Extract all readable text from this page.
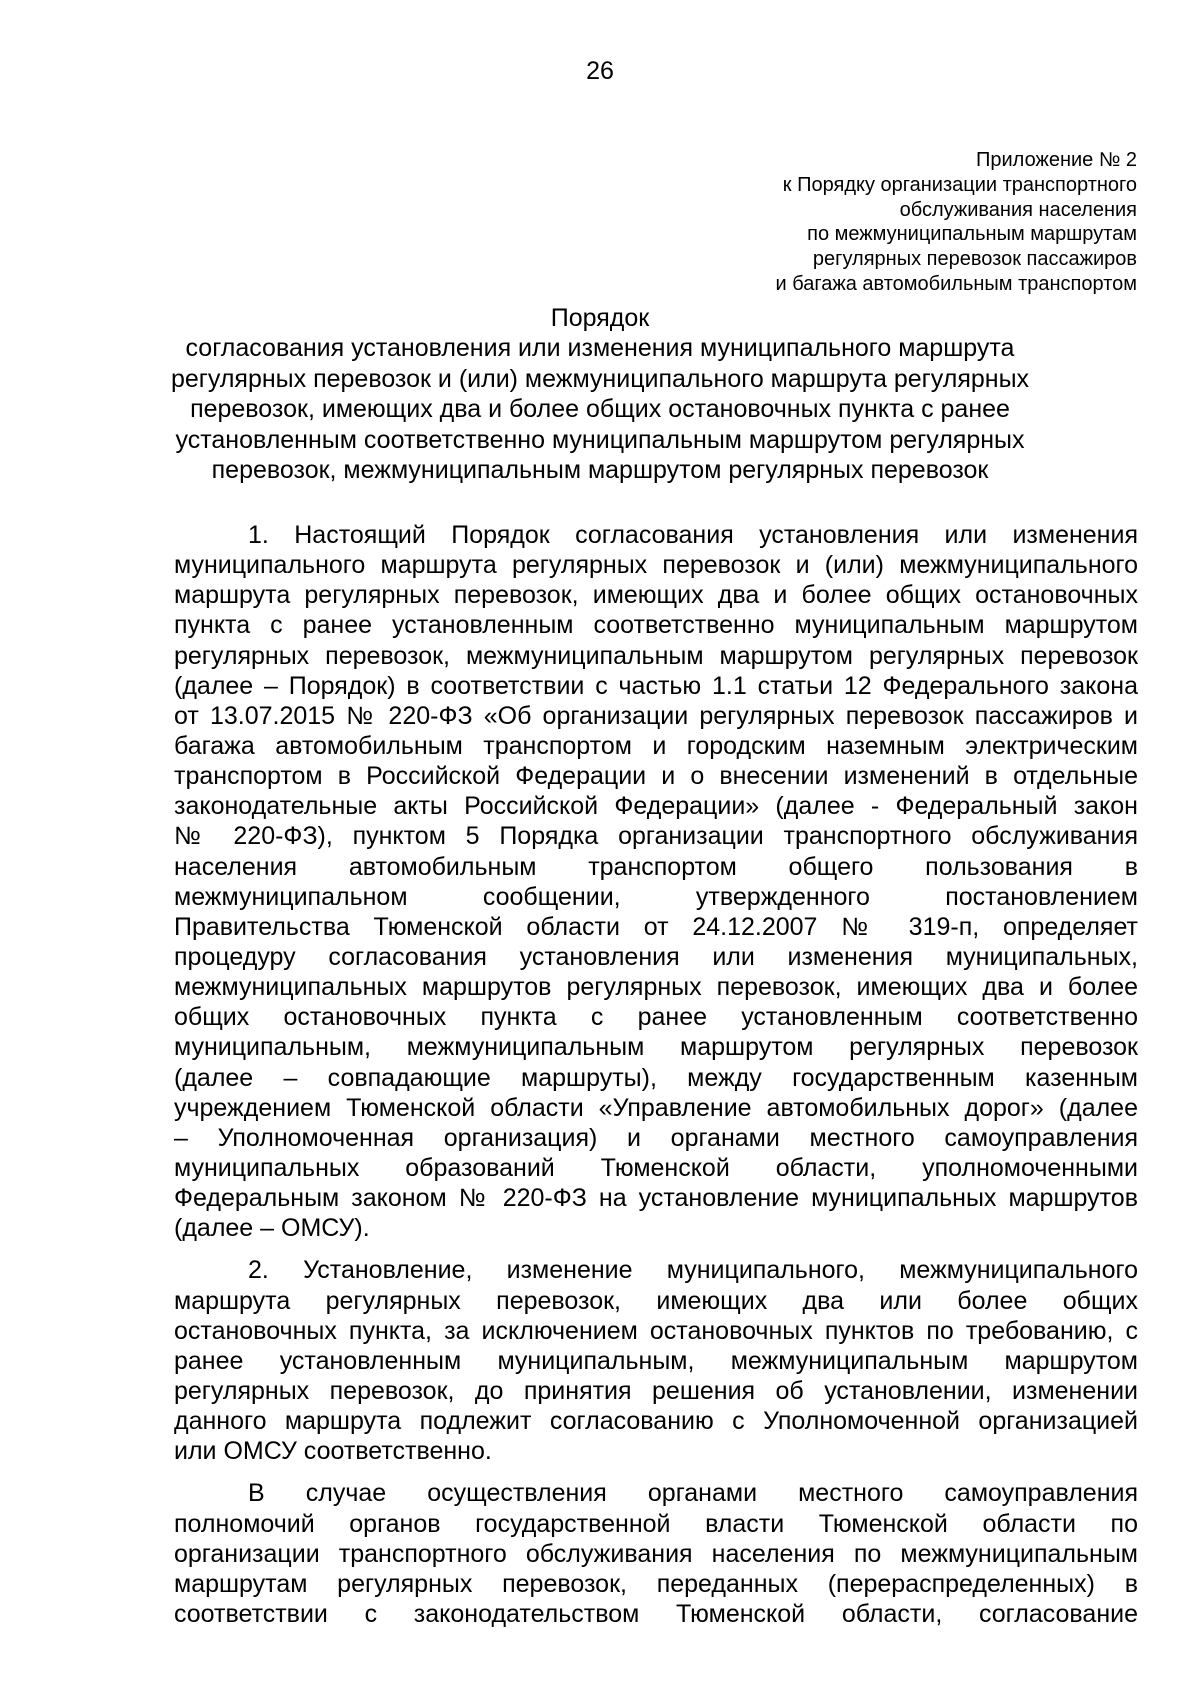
26
Приложение № 2
к Порядку организации транспортного
обслуживания населения
по межмуниципальным маршрутам
регулярных перевозок пассажиров
и багажа автомобильным транспортом
Порядок
согласования установления или изменения муниципального маршрута
регулярных перевозок и (или) межмуниципального маршрута регулярных
перевозок, имеющих два и более общих остановочных пункта с ранее
установленным соответственно муниципальным маршрутом регулярных
перевозок, межмуниципальным маршрутом регулярных перевозок
1. Настоящий Порядок согласования установления или изменения
муниципального маршрута регулярных перевозок и (или) межмуниципального
маршрута регулярных перевозок, имеющих два и более общих остановочных
пункта с ранее установленным соответственно муниципальным маршрутом
регулярных перевозок, межмуниципальным маршрутом регулярных перевозок
(далее – Порядок) в соответствии с частью 1.1 статьи 12 Федерального закона
от 13.07.2015 № 220-ФЗ «Об организации регулярных перевозок пассажиров и
багажа автомобильным транспортом и городским наземным электрическим
транспортом в Российской Федерации и о внесении изменений в отдельные
законодательные акты Российской Федерации» (далее - Федеральный закон
№ 220-ФЗ), пунктом 5 Порядка организации транспортного обслуживания
населения автомобильным транспортом общего пользования в
межмуниципальном сообщении, утвержденного постановлением
Правительства Тюменской области от 24.12.2007 № 319-п, определяет
процедуру согласования установления или изменения муниципальных,
межмуниципальных маршрутов регулярных перевозок, имеющих два и более
общих остановочных пункта с ранее установленным соответственно
муниципальным, межмуниципальным маршрутом регулярных перевозок
(далее – совпадающие маршруты), между государственным казенным
учреждением Тюменской области «Управление автомобильных дорог» (далее
– Уполномоченная организация) и органами местного самоуправления
муниципальных образований Тюменской области, уполномоченными
Федеральным законом № 220-ФЗ на установление муниципальных маршрутов
(далее – ОМСУ).
2. Установление, изменение муниципального, межмуниципального
маршрута регулярных перевозок, имеющих два или более общих
остановочных пункта, за исключением остановочных пунктов по требованию, с
ранее установленным муниципальным, межмуниципальным маршрутом
регулярных перевозок, до принятия решения об установлении, изменении
данного маршрута подлежит согласованию с Уполномоченной организацией
или ОМСУ соответственно.
В случае осуществления органами местного самоуправления
полномочий органов государственной власти Тюменской области по
организации транспортного обслуживания населения по межмуниципальным
маршрутам регулярных перевозок, переданных (перераспределенных) в
соответствии с законодательством Тюменской области, согласование
